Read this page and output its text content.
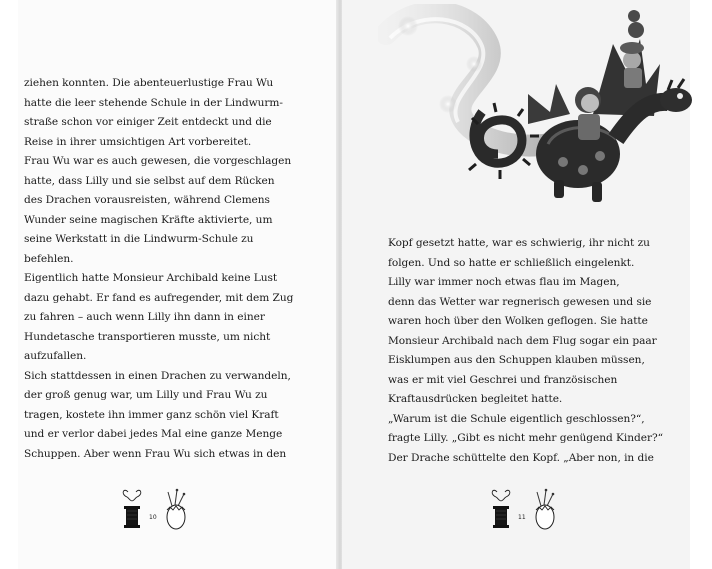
ziehen konnten. Die abenteuerlustige Frau Wu
hatte die leer stehende Schule in der Lindwurm-
straße schon vor einiger Zeit entdeckt und die
Reise in ihrer umsichtigen Art vorbereitet.
Frau Wu war es auch gewesen, die vorgeschlagen
hatte, dass Lilly und sie selbst auf dem Rücken
des Drachen vorausreisten, während Clemens
Wunder seine magischen Kräfte aktivierte, um
seine Werkstatt in die Lindwurm-Schule zu
befehlen.
Eigentlich hatte Monsieur Archibald keine Lust
dazu gehabt. Er fand es aufregender, mit dem Zug
zu fahren – auch wenn Lilly ihn dann in einer
Hundetasche transportieren musste, um nicht
aufzufallen.
Sich stattdessen in einen Drachen zu verwandeln,
der groß genug war, um Lilly und Frau Wu zu
tragen, kostete ihn immer ganz schön viel Kraft
und er verlor dabei jedes Mal eine ganze Menge
Schuppen. Aber wenn Frau Wu sich etwas in den
10
Kopf gesetzt hatte, war es schwierig, ihr nicht zu
folgen. Und so hatte er schließlich eingelenkt.
Lilly war immer noch etwas flau im Magen,
denn das Wetter war regnerisch gewesen und sie
waren hoch über den Wolken geflogen. Sie hatte
Monsieur Archibald nach dem Flug sogar ein paar
Eisklumpen aus den Schuppen klauben müssen,
was er mit viel Geschrei und französischen
Kraftausdrücken begleitet hatte.
„Warum ist die Schule eigentlich geschlossen?“,
fragte Lilly. „Gibt es nicht mehr genügend Kinder?“
Der Drache schüttelte den Kopf. „Aber non, in die
11
